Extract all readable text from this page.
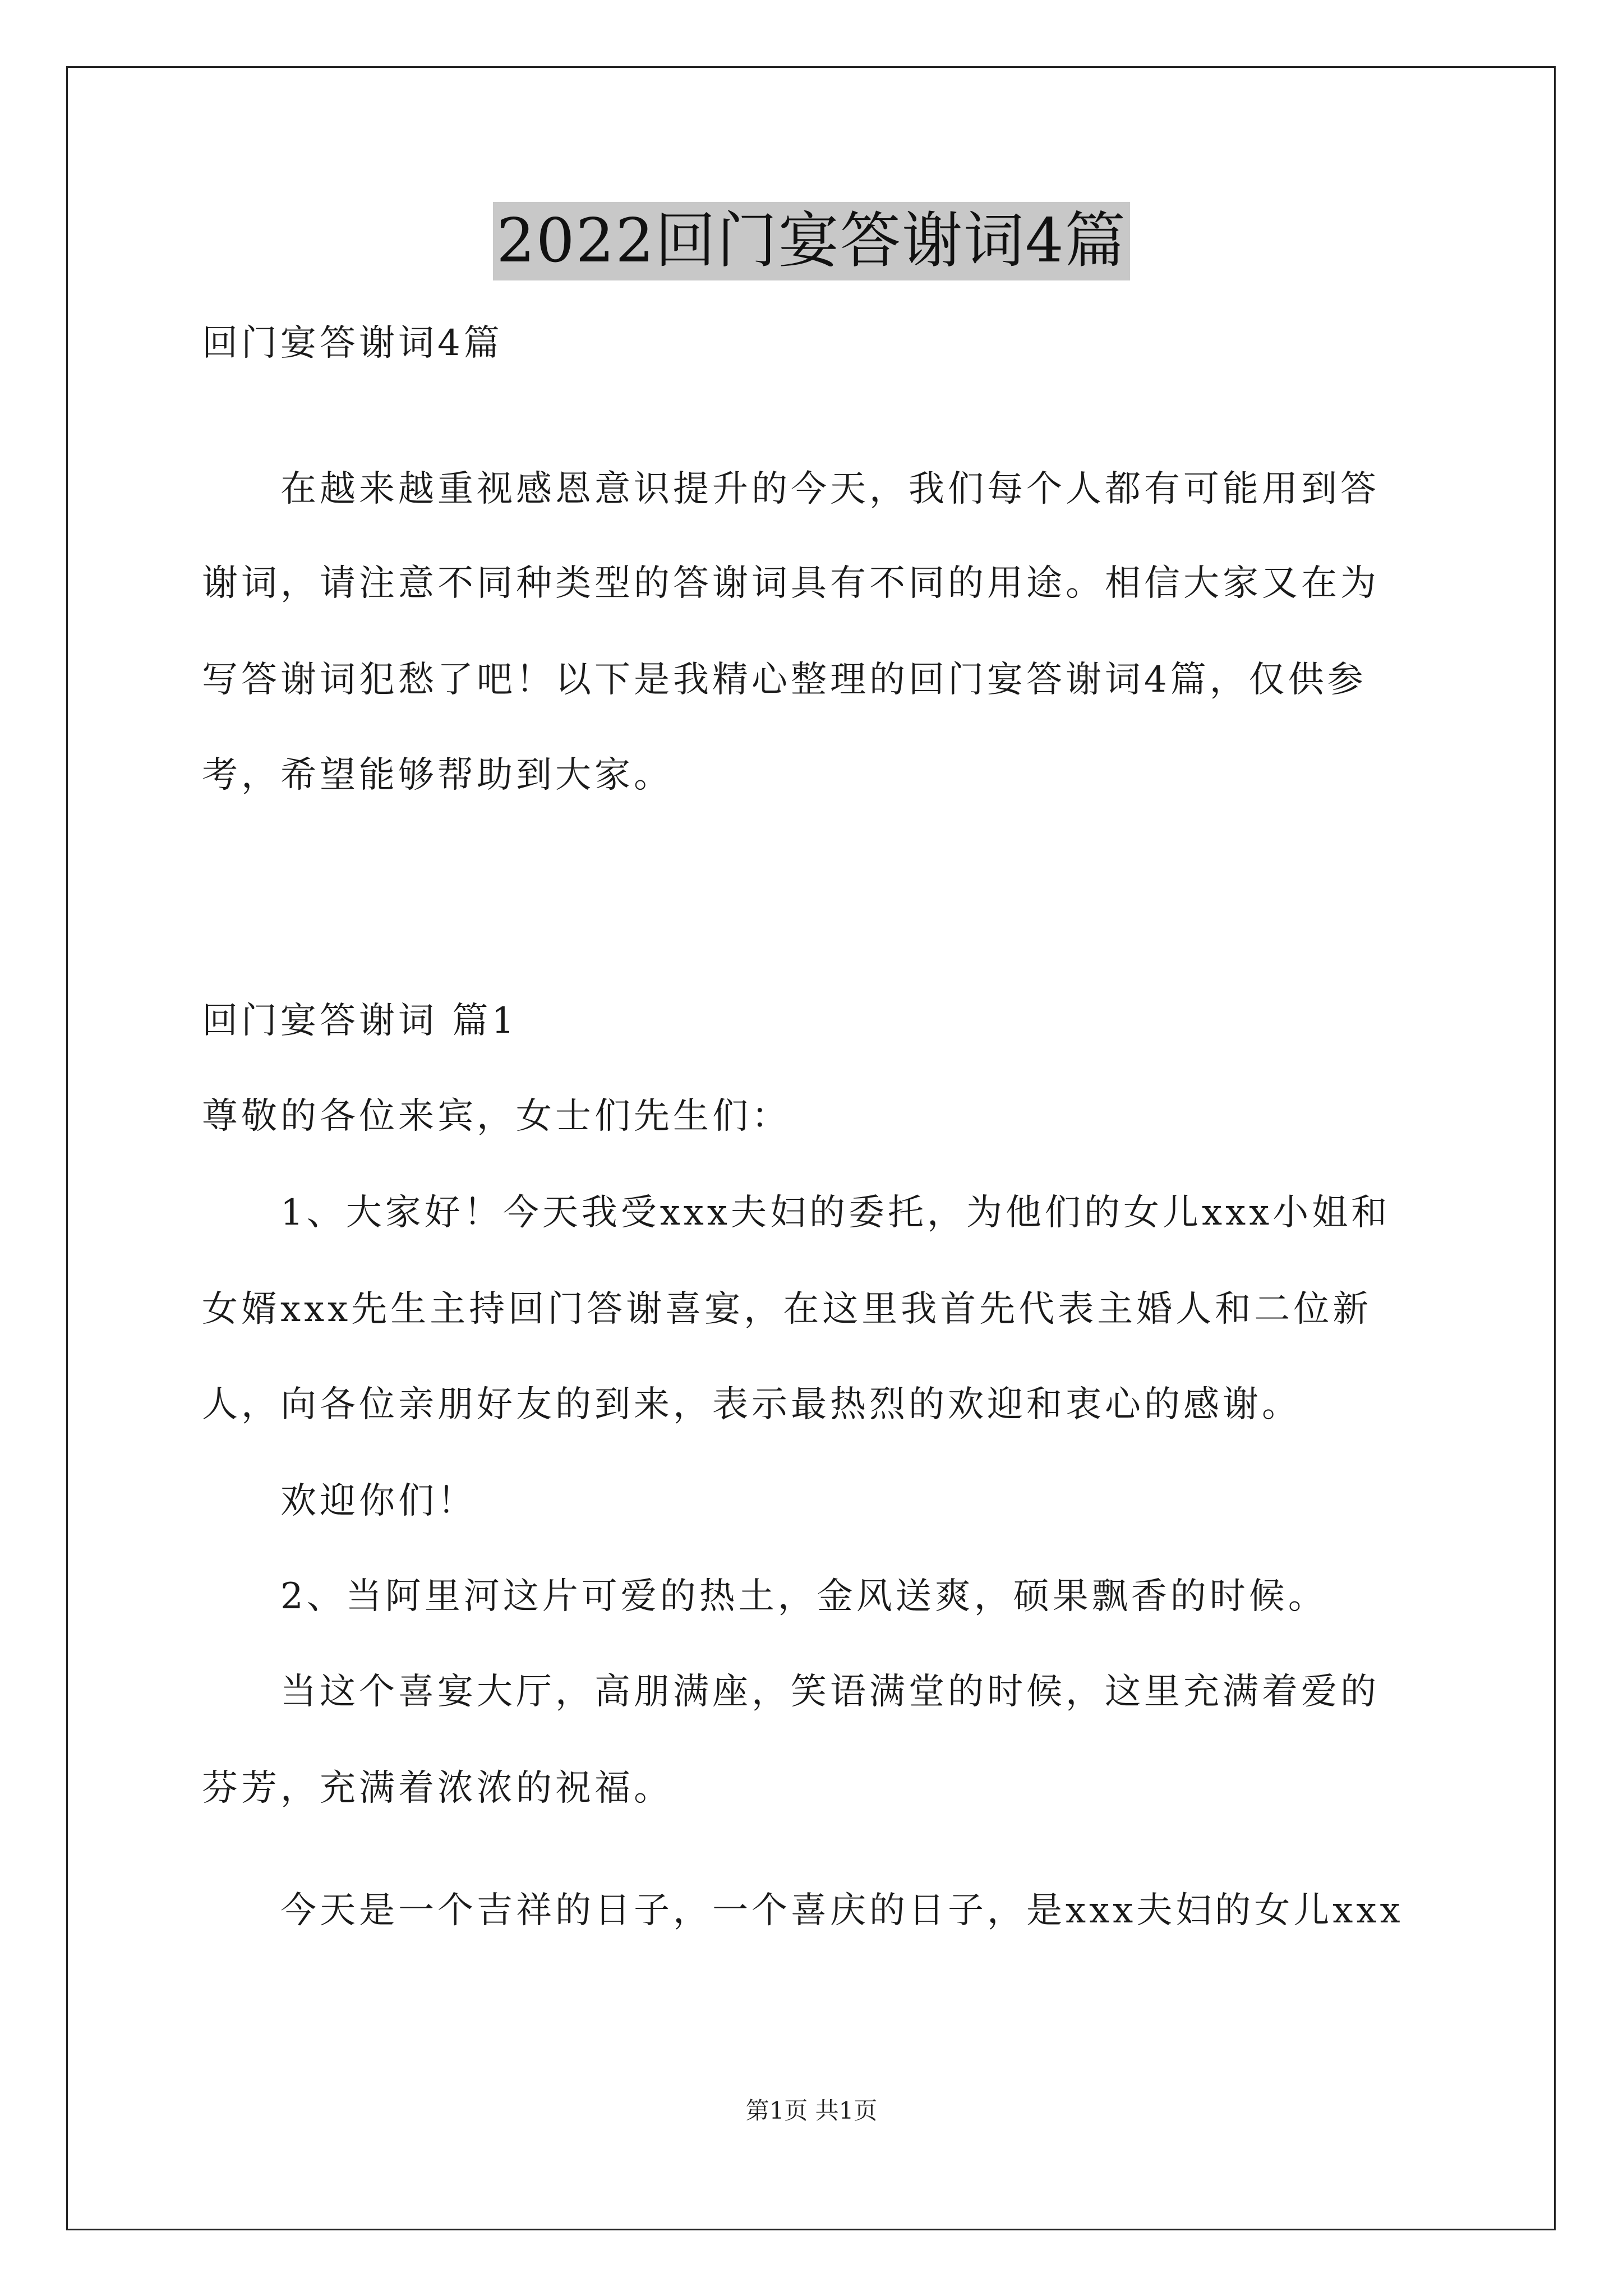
2022回门宴答谢词4篇
回门宴答谢词4篇
在越来越重视感恩意识提升的今天，我们每个人都有可能用到答
谢词，请注意不同种类型的答谢词具有不同的用途。相信大家又在为
写答谢词犯愁了吧！以下是我精心整理的回门宴答谢词4篇，仅供参
考，希望能够帮助到大家。
回门宴答谢词 篇1
尊敬的各位来宾，女士们先生们：
1、大家好！今天我受xxx夫妇的委托，为他们的女儿xxx小姐和
女婿xxx先生主持回门答谢喜宴，在这里我首先代表主婚人和二位新
人，向各位亲朋好友的到来，表示最热烈的欢迎和衷心的感谢。
欢迎你们！
2、当阿里河这片可爱的热土，金风送爽，硕果飘香的时候。
当这个喜宴大厅，高朋满座，笑语满堂的时候，这里充满着爱的
芬芳，充满着浓浓的祝福。
今天是一个吉祥的日子，一个喜庆的日子，是xxx夫妇的女儿xxx
第1页 共1页
